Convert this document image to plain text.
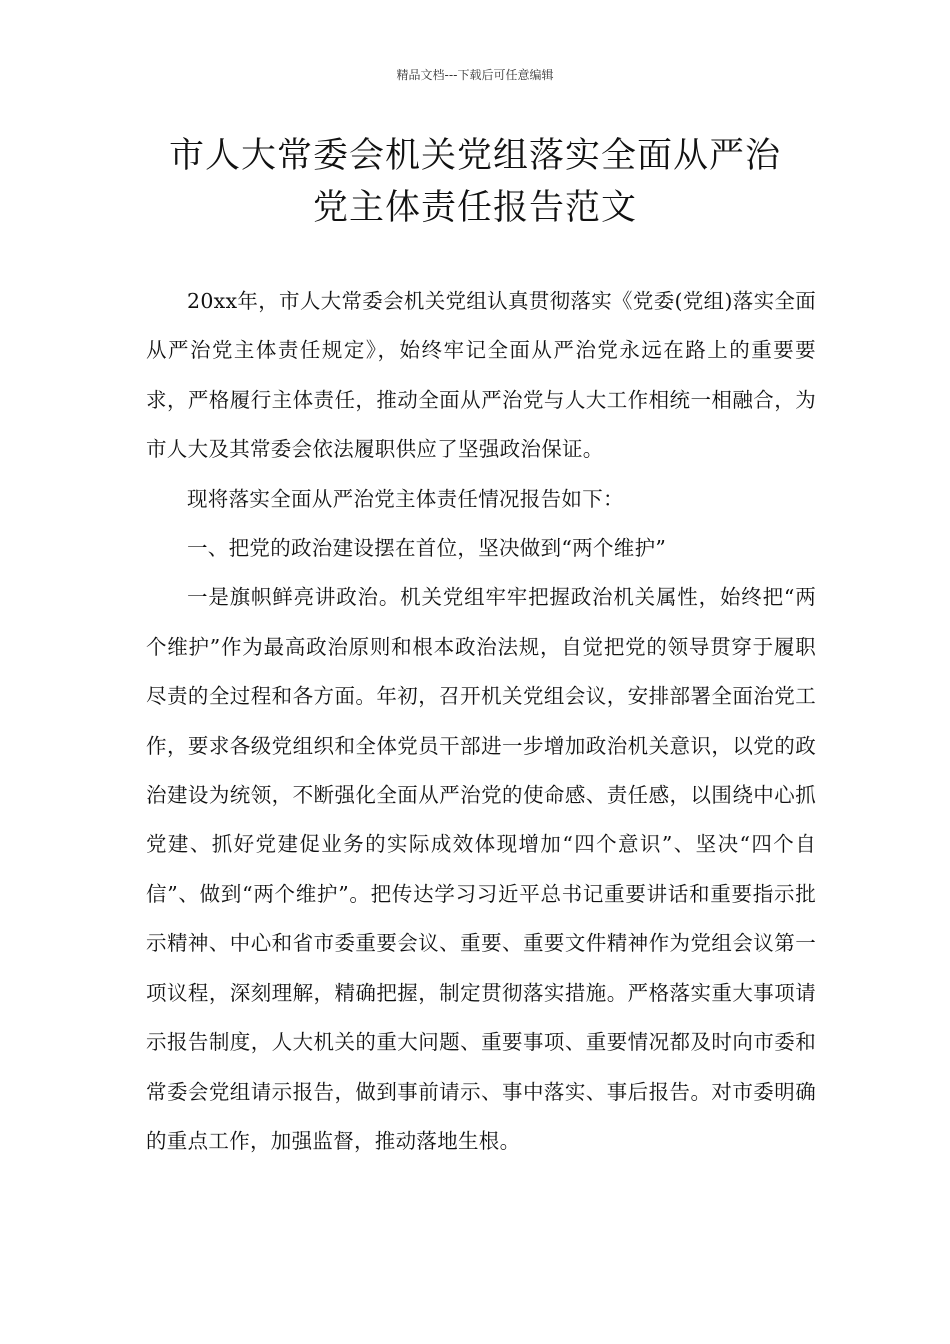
精品文档---下载后可任意编辑
市人大常委会机关党组落实全面从严治
党主体责任报告范文

20xx年，市人大常委会机关党组认真贯彻落实《党委(党组)落实全面从严治党主体责任规定》，始终牢记全面从严治党永远在路上的重要要求，严格履行主体责任，推动全面从严治党与人大工作相统一相融合，为市人大及其常委会依法履职供应了坚强政治保证。

现将落实全面从严治党主体责任情况报告如下：

一、把党的政治建设摆在首位，坚决做到“两个维护”

一是旗帜鲜亮讲政治。机关党组牢牢把握政治机关属性，始终把“两个维护”作为最高政治原则和根本政治法规，自觉把党的领导贯穿于履职尽责的全过程和各方面。年初，召开机关党组会议，安排部署全面治党工作，要求各级党组织和全体党员干部进一步增加政治机关意识，以党的政治建设为统领，不断强化全面从严治党的使命感、责任感，以围绕中心抓党建、抓好党建促业务的实际成效体现增加“四个意识”、坚决“四个自信”、做到“两个维护”。把传达学习习近平总书记重要讲话和重要指示批示精神、中心和省市委重要会议、重要、重要文件精神作为党组会议第一项议程，深刻理解，精确把握，制定贯彻落实措施。严格落实重大事项请示报告制度，人大机关的重大问题、重要事项、重要情况都及时向市委和常委会党组请示报告，做到事前请示、事中落实、事后报告。对市委明确的重点工作，加强监督，推动落地生根。
